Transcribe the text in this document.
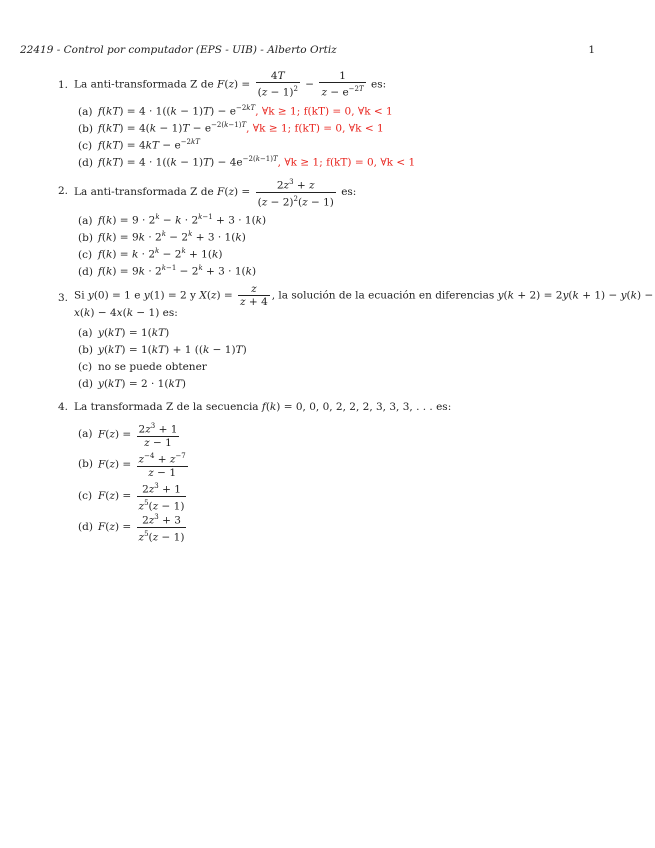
22419 - Control por computador (EPS - UIB) - Alberto Ortiz	1
1. La anti-transformada Z de $F(z) = \frac{4T}{(z - 1)^2} - \frac{1}{z - e^{-2T}}$ es:
(a) $f(kT) = 4 \cdot 1((k - 1)T) - e^{-2kT}$, ∀k ≥ 1; f(kT) = 0, ∀k < 1
(b) $f(kT) = 4(k - 1)T - e^{-2(k-1)T}$, ∀k ≥ 1; f(kT) = 0, ∀k < 1
(c) $f(kT) = 4kT - e^{-2kT}$
(d) $f(kT) = 4 \cdot 1((k - 1)T) - 4e^{-2(k-1)T}$, ∀k ≥ 1; f(kT) = 0, ∀k < 1
2. La anti-transformada Z de $F(z) = \frac{2z^3 + z}{(z - 2)^2(z - 1)}$ es:
(a) $f(k) = 9 \cdot 2^k - k \cdot 2^{k-1} + 3 \cdot 1(k)$
(b) $f(k) = 9k \cdot 2^k - 2^k + 3 \cdot 1(k)$
(c) $f(k) = k \cdot 2^k - 2^k + 1(k)$
(d) $f(k) = 9k \cdot 2^{k-1} - 2^k + 3 \cdot 1(k)$
3. Si y(0) = 1 e y(1) = 2 y $X(z) = \frac{z}{z + 4}$ , la solución de la ecuación en diferencias y(k + 2) = 2y(k + 1) − y(k) −
x(k) − 4x(k − 1) es:
(a) y(kT) = 1(kT)
(b) y(kT) = 1(kT) + 1 ((k − 1)T)
(c) no se puede obtener
(d) y(kT) = 2 · 1(kT)
4. La transformada Z de la secuencia f(k) = 0, 0, 0, 2, 2, 2, 3, 3, 3, . . . es:
(a) $F(z) = \frac{2z^3 + 1}{z - 1}$
(b) $F(z) = \frac{z^{-4} + z^{-7}}{z - 1}$
(c) $F(z) = \frac{2z^3 + 1}{z^5(z - 1)}$
(d) $F(z) = \frac{2z^3 + 3}{z^5(z - 1)}$
